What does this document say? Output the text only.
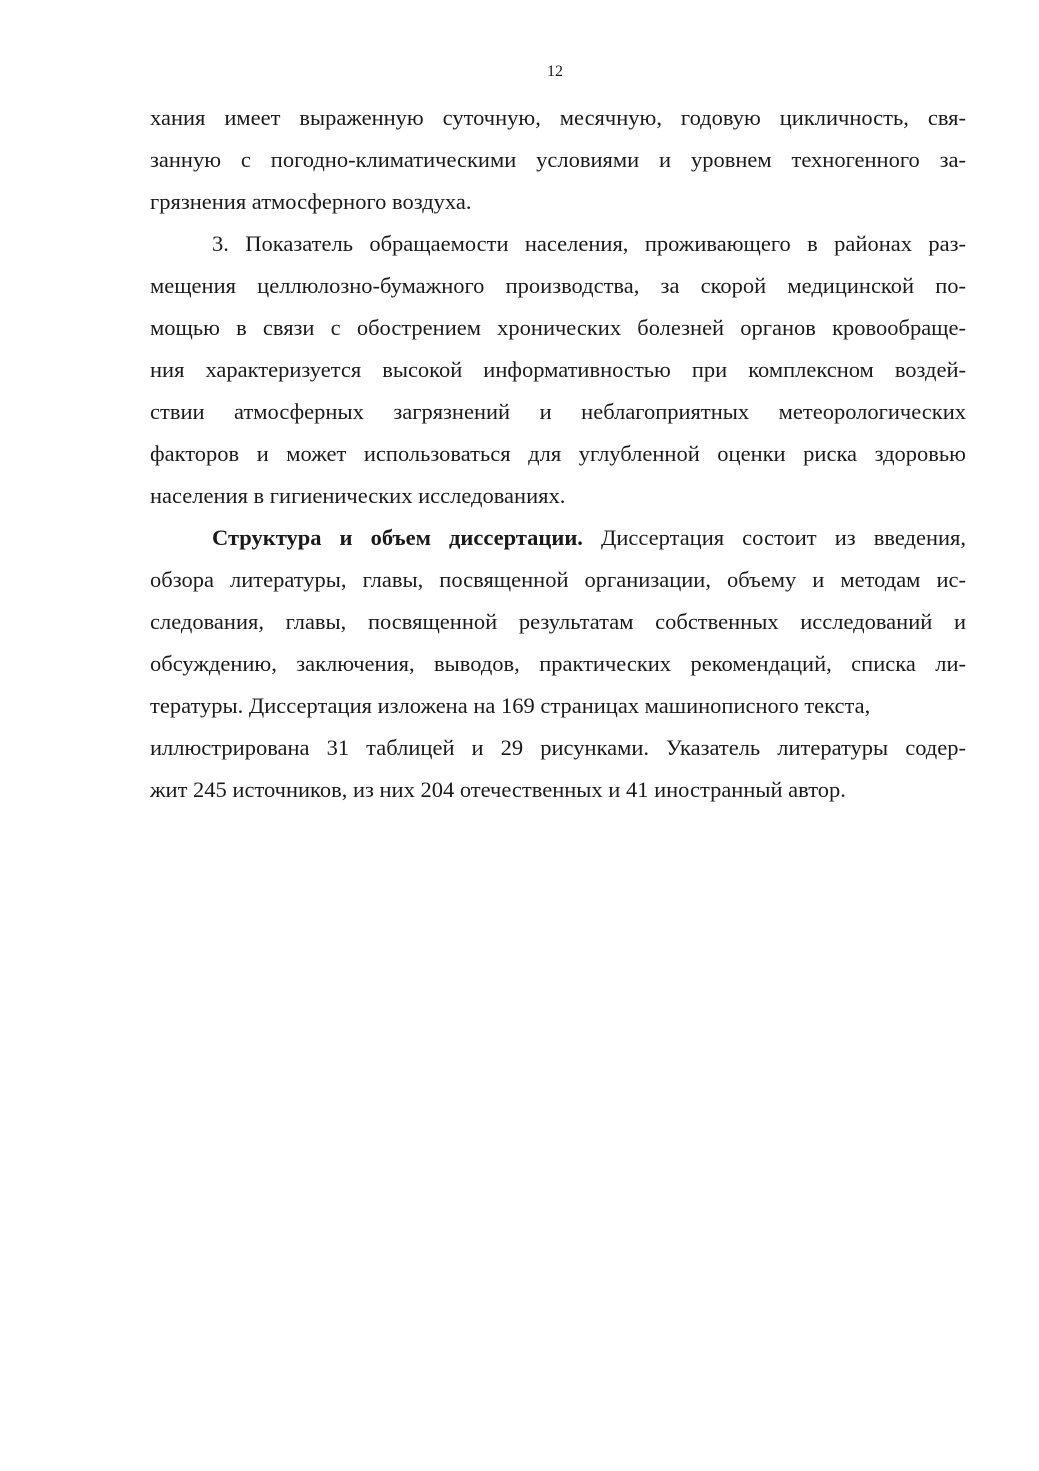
12
хания имеет выраженную суточную, месячную, годовую цикличность, свя-
занную с погодно-климатическими условиями и уровнем техногенного за-
грязнения атмосферного воздуха.
3. Показатель обращаемости населения, проживающего в районах раз-
мещения целлюлозно-бумажного производства, за скорой медицинской по-
мощью в связи с обострением хронических болезней органов кровообраще-
ния характеризуется высокой информативностью при комплексном воздей-
ствии атмосферных загрязнений и неблагоприятных метеорологических
факторов и может использоваться для углубленной оценки риска здоровью
населения в гигиенических исследованиях.
Структура и объем диссертации. Диссертация состоит из введения,
обзора литературы, главы, посвященной организации, объему и методам ис-
следования, главы, посвященной результатам собственных исследований и
обсуждению, заключения, выводов, практических рекомендаций, списка ли-
тературы. Диссертация изложена на 169 страницах машинописного текста,
иллюстрирована 31 таблицей и 29 рисунками. Указатель литературы содер-
жит 245 источников, из них 204 отечественных и 41 иностранный автор.
